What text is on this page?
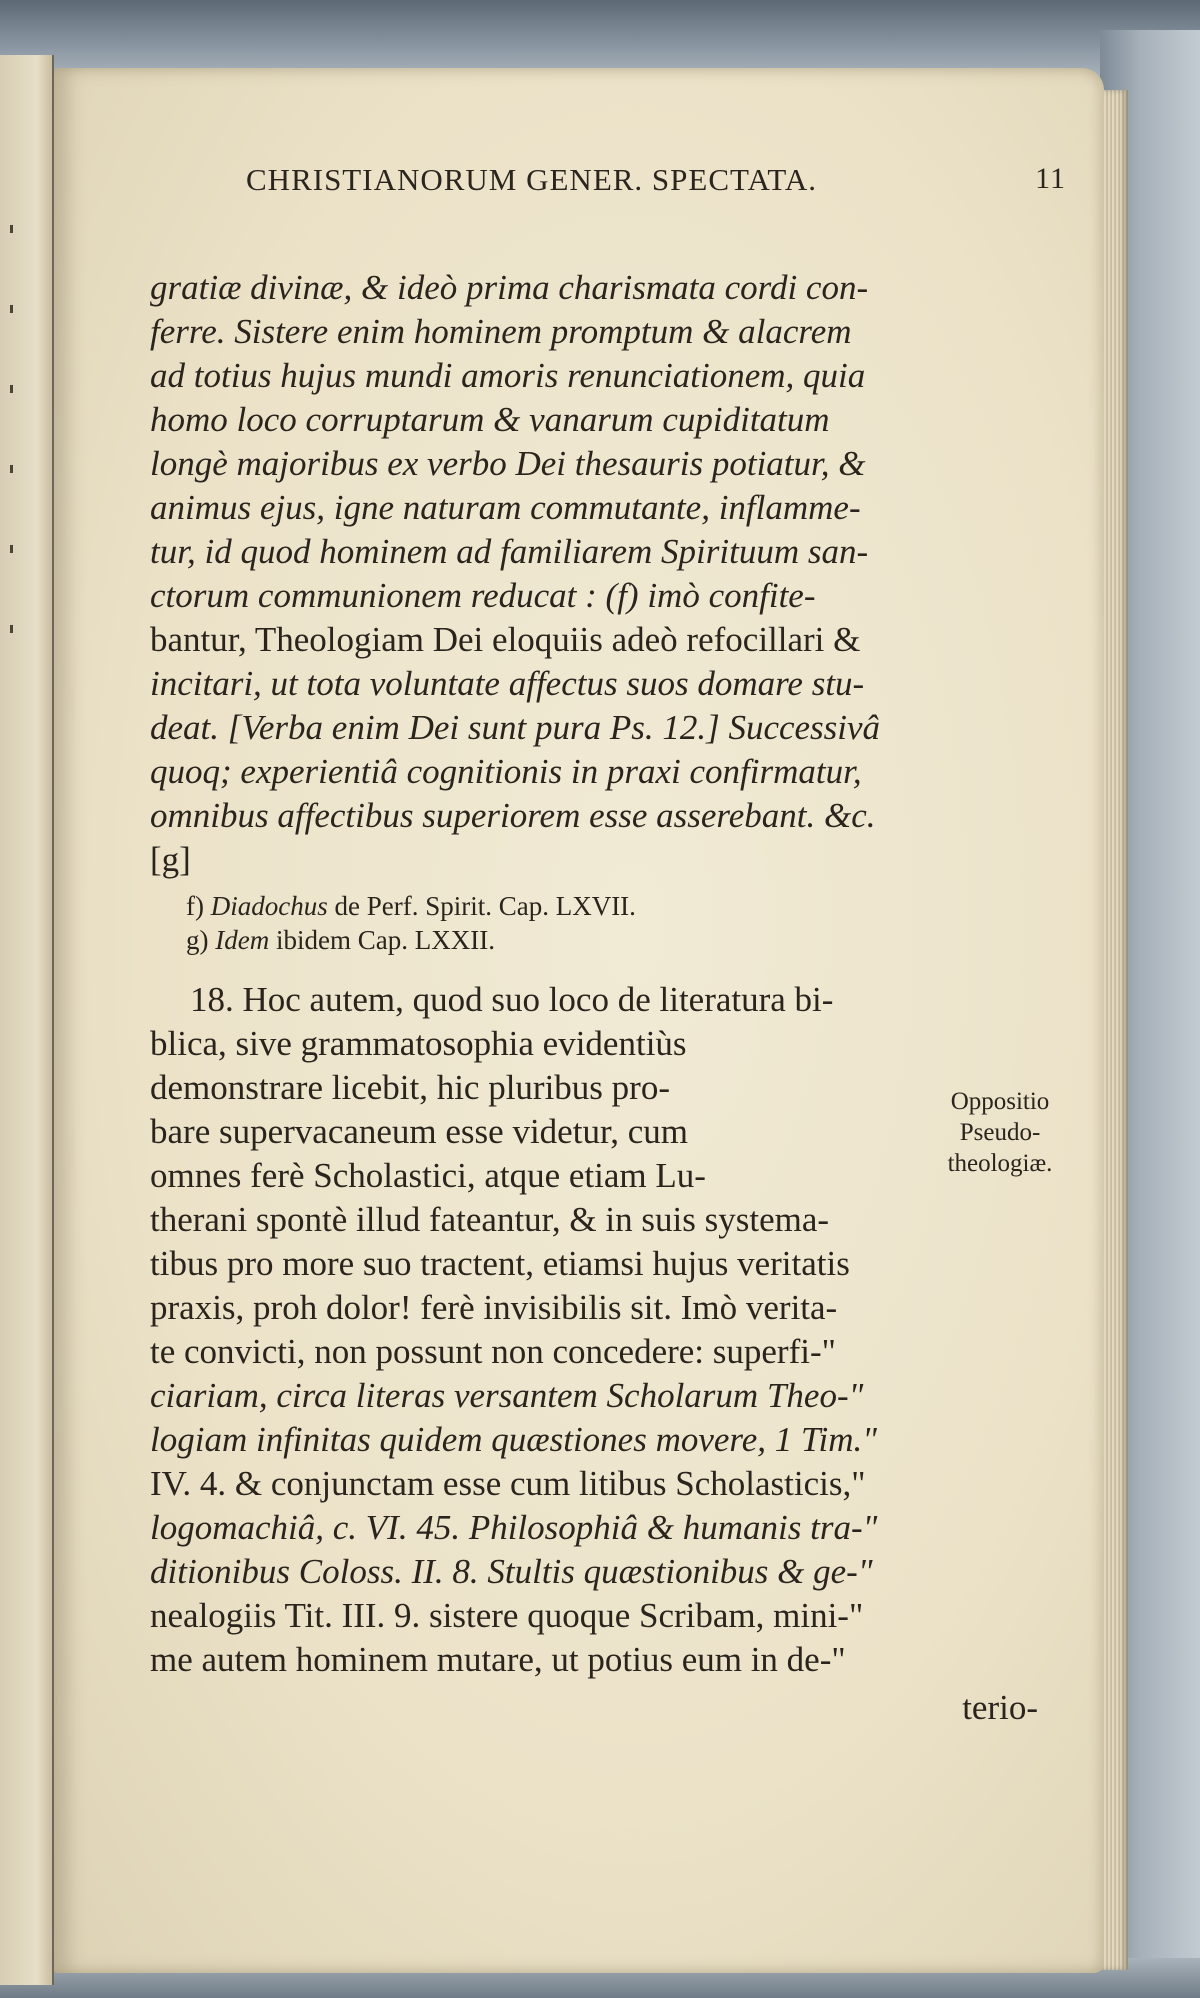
CHRISTIANORUM GENER. SPECTATA.	11
gratiæ divinæ, & ideò prima charismata cordi con-
ferre. Sistere enim hominem promptum & alacrem
ad totius hujus mundi amoris renunciationem, quia
homo loco corruptarum & vanarum cupiditatum
longè majoribus ex verbo Dei thesauris potiatur, &
animus ejus, igne naturam commutante, inflamme-
tur, id quod hominem ad familiarem Spirituum san-
ctorum communionem reducat : (f) imò confite-
bantur, Theologiam Dei eloquiis adeò refocillari &
incitari, ut tota voluntate affectus suos domare stu-
deat. [Verba enim Dei sunt pura Ps. 12.] Successivâ
quoq; experientiâ cognitionis in praxi confirmatur,
omnibus affectibus superiorem esse asserebant. &c.
[g]
f) Diadochus de Perf. Spirit. Cap. LXVII.
g) Idem ibidem Cap. LXXII.
18. Hoc autem, quod suo loco de literatura bi-
blica, sive grammatosophia evidentiùs
demonstrare licebit, hic pluribus pro-
bare supervacaneum esse videtur, cum
omnes ferè Scholastici, atque etiam Lu-
therani spontè illud fateantur, & in suis systema-
tibus pro more suo tractent, etiamsi hujus veritatis
praxis, proh dolor! ferè invisibilis sit. Imò verita-
te convicti, non possunt non concedere: superfi-"
ciariam, circa literas versantem Scholarum Theo-"
logiam infinitas quidem quæstiones movere, 1 Tim."
IV. 4. & conjunctam esse cum litibus Scholasticis,"
logomachiâ, c. VI. 45. Philosophiâ & humanis tra-"
ditionibus Coloss. II. 8. Stultis quæstionibus & ge-"
nealogiis Tit. III. 9. sistere quoque Scribam, mini-"
me autem hominem mutare, ut potius eum in de-"
Oppositio
Pseudo-
theologiæ.
terio-
